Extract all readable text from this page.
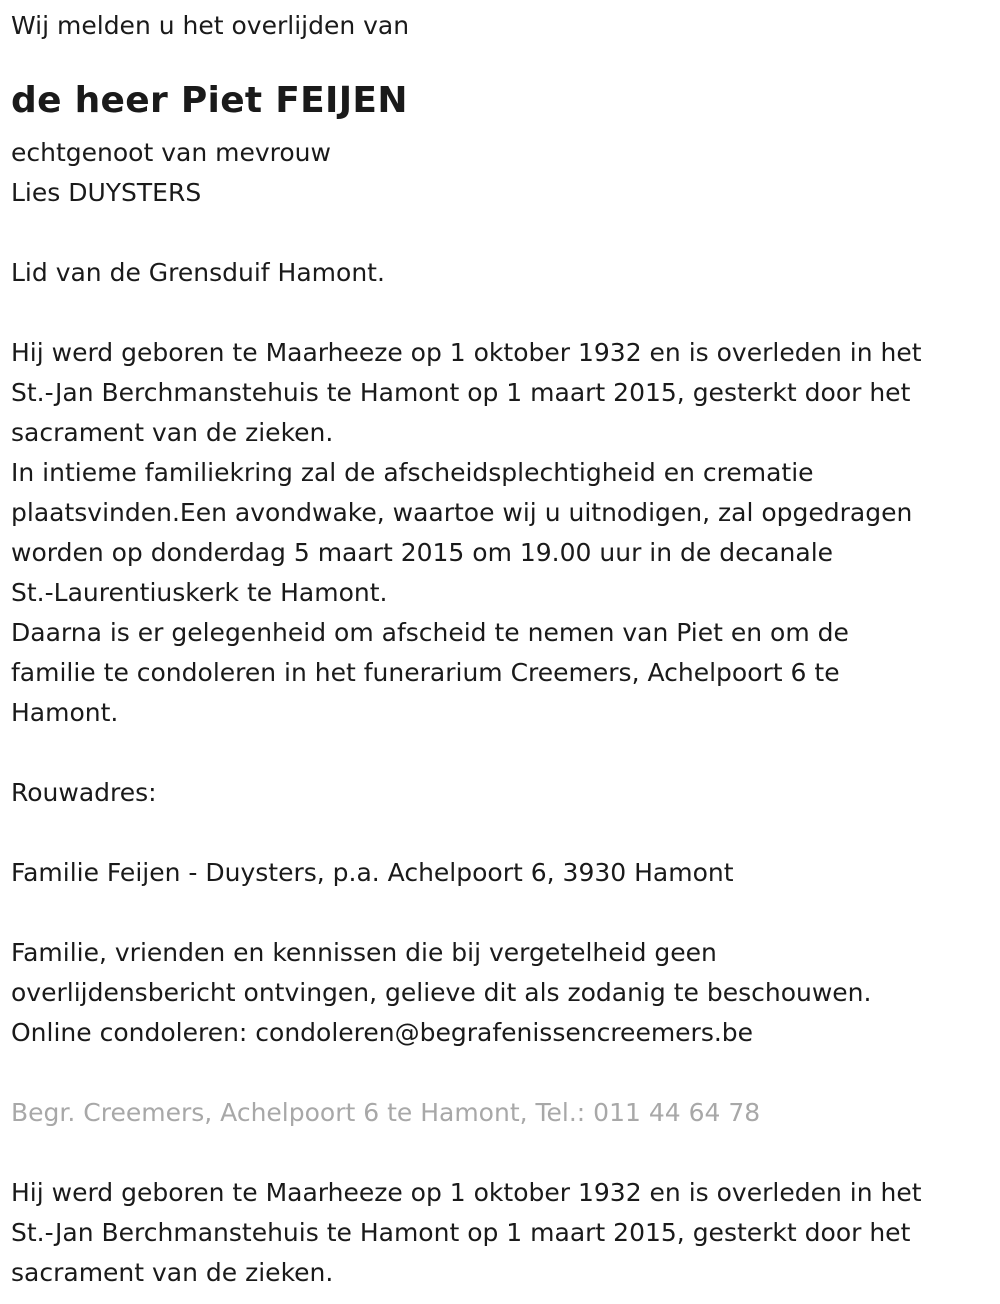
Wij melden u het overlijden van
de heer Piet FEIJEN
echtgenoot van mevrouw
Lies DUYSTERS
Lid van de Grensduif Hamont.
Hij werd geboren te Maarheeze op 1 oktober 1932 en is overleden in het
St.-Jan Berchmanstehuis te Hamont op 1 maart 2015, gesterkt door het
sacrament van de zieken.
In intieme familiekring zal de afscheidsplechtigheid en crematie
plaatsvinden.Een avondwake, waartoe wij u uitnodigen, zal opgedragen
worden op donderdag 5 maart 2015 om 19.00 uur in de decanale
St.-Laurentiuskerk te Hamont.
Daarna is er gelegenheid om afscheid te nemen van Piet en om de
familie te condoleren in het funerarium Creemers, Achelpoort 6 te
Hamont.
Rouwadres:
Familie Feijen - Duysters, p.a. Achelpoort 6, 3930 Hamont
Familie, vrienden en kennissen die bij vergetelheid geen
overlijdensbericht ontvingen, gelieve dit als zodanig te beschouwen.
Online condoleren: condoleren@begrafenissencreemers.be
Begr. Creemers, Achelpoort 6 te Hamont, Tel.: 011 44 64 78
Hij werd geboren te Maarheeze op 1 oktober 1932 en is overleden in het
St.-Jan Berchmanstehuis te Hamont op 1 maart 2015, gesterkt door het
sacrament van de zieken.
